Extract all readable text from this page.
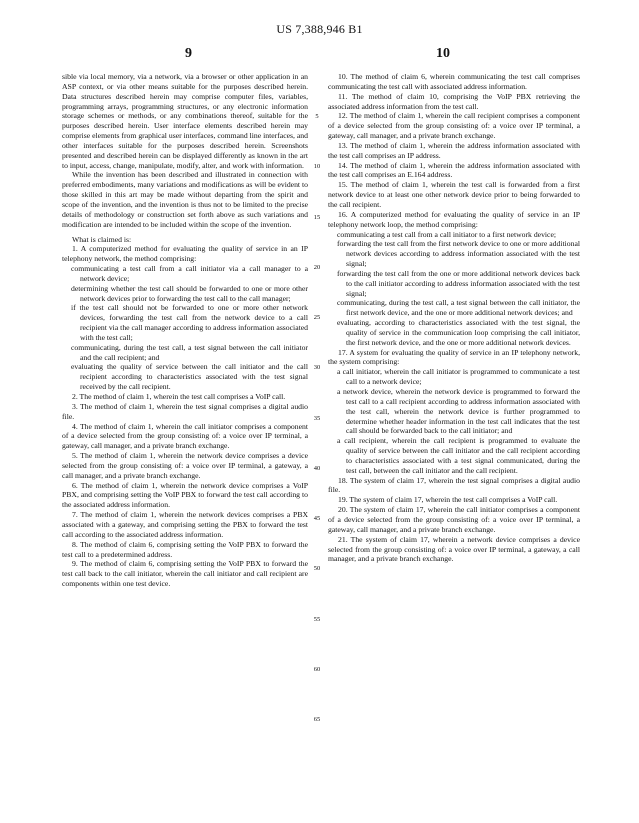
US 7,388,946 B1
9	10

sible via local memory, via a network, via a browser or other application in an ASP context, or via other means suitable for the purposes described herein. Data structures described herein may comprise computer files, variables, programming arrays, programming structures, or any electronic information storage schemes or methods, or any combinations thereof, suitable for the purposes described herein. User interface elements described herein may comprise elements from graphical user interfaces, command line interfaces, and other interfaces suitable for the purposes described herein. Screenshots presented and described herein can be displayed differently as known in the art to input, access, change, manipulate, modify, alter, and work with information.

While the invention has been described and illustrated in connection with preferred embodiments, many variations and modifications as will be evident to those skilled in this art may be made without departing from the spirit and scope of the invention, and the invention is thus not to be limited to the precise details of methodology or construction set forth above as such variations and modification are intended to be included within the scope of the invention.

What is claimed is:

1. A computerized method for evaluating the quality of service in an IP telephony network, the method comprising:

communicating a test call from a call initiator via a call manager to a network device;

determining whether the test call should be forwarded to one or more other network devices prior to forwarding the test call to the call manager;

if the test call should not be forwarded to one or more other network devices, forwarding the test call from the network device to a call recipient via the call manager according to address information associated with the test call;

communicating, during the test call, a test signal between the call initiator and the call recipient; and

evaluating the quality of service between the call initiator and the call recipient according to characteristics associated with the test signal received by the call recipient.

2. The method of claim 1, wherein the test call comprises a VoIP call.

3. The method of claim 1, wherein the test signal comprises a digital audio file.

4. The method of claim 1, wherein the call initiator comprises a component of a device selected from the group consisting of: a voice over IP terminal, a gateway, call manager, and a private branch exchange.

5. The method of claim 1, wherein the network device comprises a device selected from the group consisting of: a voice over IP terminal, a gateway, a call manager, and a private branch exchange.

6. The method of claim 1, wherein the network device comprises a VoIP PBX, and comprising setting the VoIP PBX to forward the test call according to the associated address information.

7. The method of claim 1, wherein the network devices comprises a PBX associated with a gateway, and comprising setting the PBX to forward the test call according to the associated address information.

8. The method of claim 6, comprising setting the VoIP PBX to forward the test call to a predetermined address.

9. The method of claim 6, comprising setting the VoIP PBX to forward the test call back to the call initiator, wherein the call initiator and call recipient are components within one test device.

5
10
15
20
25
30
35
40
45
50
55
60
65

10. The method of claim 6, wherein communicating the test call comprises communicating the test call with associated address information.

11. The method of claim 10, comprising the VoIP PBX retrieving the associated address information from the test call.

12. The method of claim 1, wherein the call recipient comprises a component of a device selected from the group consisting of: a voice over IP terminal, a gateway, call manager, and a private branch exchange.

13. The method of claim 1, wherein the address information associated with the test call comprises an IP address.

14. The method of claim 1, wherein the address information associated with the test call comprises an E.164 address.

15. The method of claim 1, wherein the test call is forwarded from a first network device to at least one other network device prior to being forwarded to the call recipient.

16. A computerized method for evaluating the quality of service in an IP telephony network loop, the method comprising:

communicating a test call from a call initiator to a first network device;

forwarding the test call from the first network device to one or more additional network devices according to address information associated with the test signal;

forwarding the test call from the one or more additional network devices back to the call initiator according to address information associated with the test signal;

communicating, during the test call, a test signal between the call initiator, the first network device, and the one or more additional network devices; and

evaluating, according to characteristics associated with the test signal, the quality of service in the communication loop comprising the call initiator, the first network device, and the one or more additional network devices.

17. A system for evaluating the quality of service in an IP telephony network, the system comprising:

a call initiator, wherein the call initiator is programmed to communicate a test call to a network device;

a network device, wherein the network device is programmed to forward the test call to a call recipient according to address information associated with the test call, wherein the network device is further programmed to determine whether header information in the test call indicates that the test call should be forwarded back to the call initiator; and

a call recipient, wherein the call recipient is programmed to evaluate the quality of service between the call initiator and the call recipient according to characteristics associated with a test signal communicated, during the test call, between the call initiator and the call recipient.

18. The system of claim 17, wherein the test signal comprises a digital audio file.

19. The system of claim 17, wherein the test call comprises a VoIP call.

20. The system of claim 17, wherein the call initiator comprises a component of a device selected from the group consisting of: a voice over IP terminal, a gateway, call manager, and a private branch exchange.

21. The system of claim 17, wherein a network device comprises a device selected from the group consisting of: a voice over IP terminal, a gateway, a call manager, and a private branch exchange.
